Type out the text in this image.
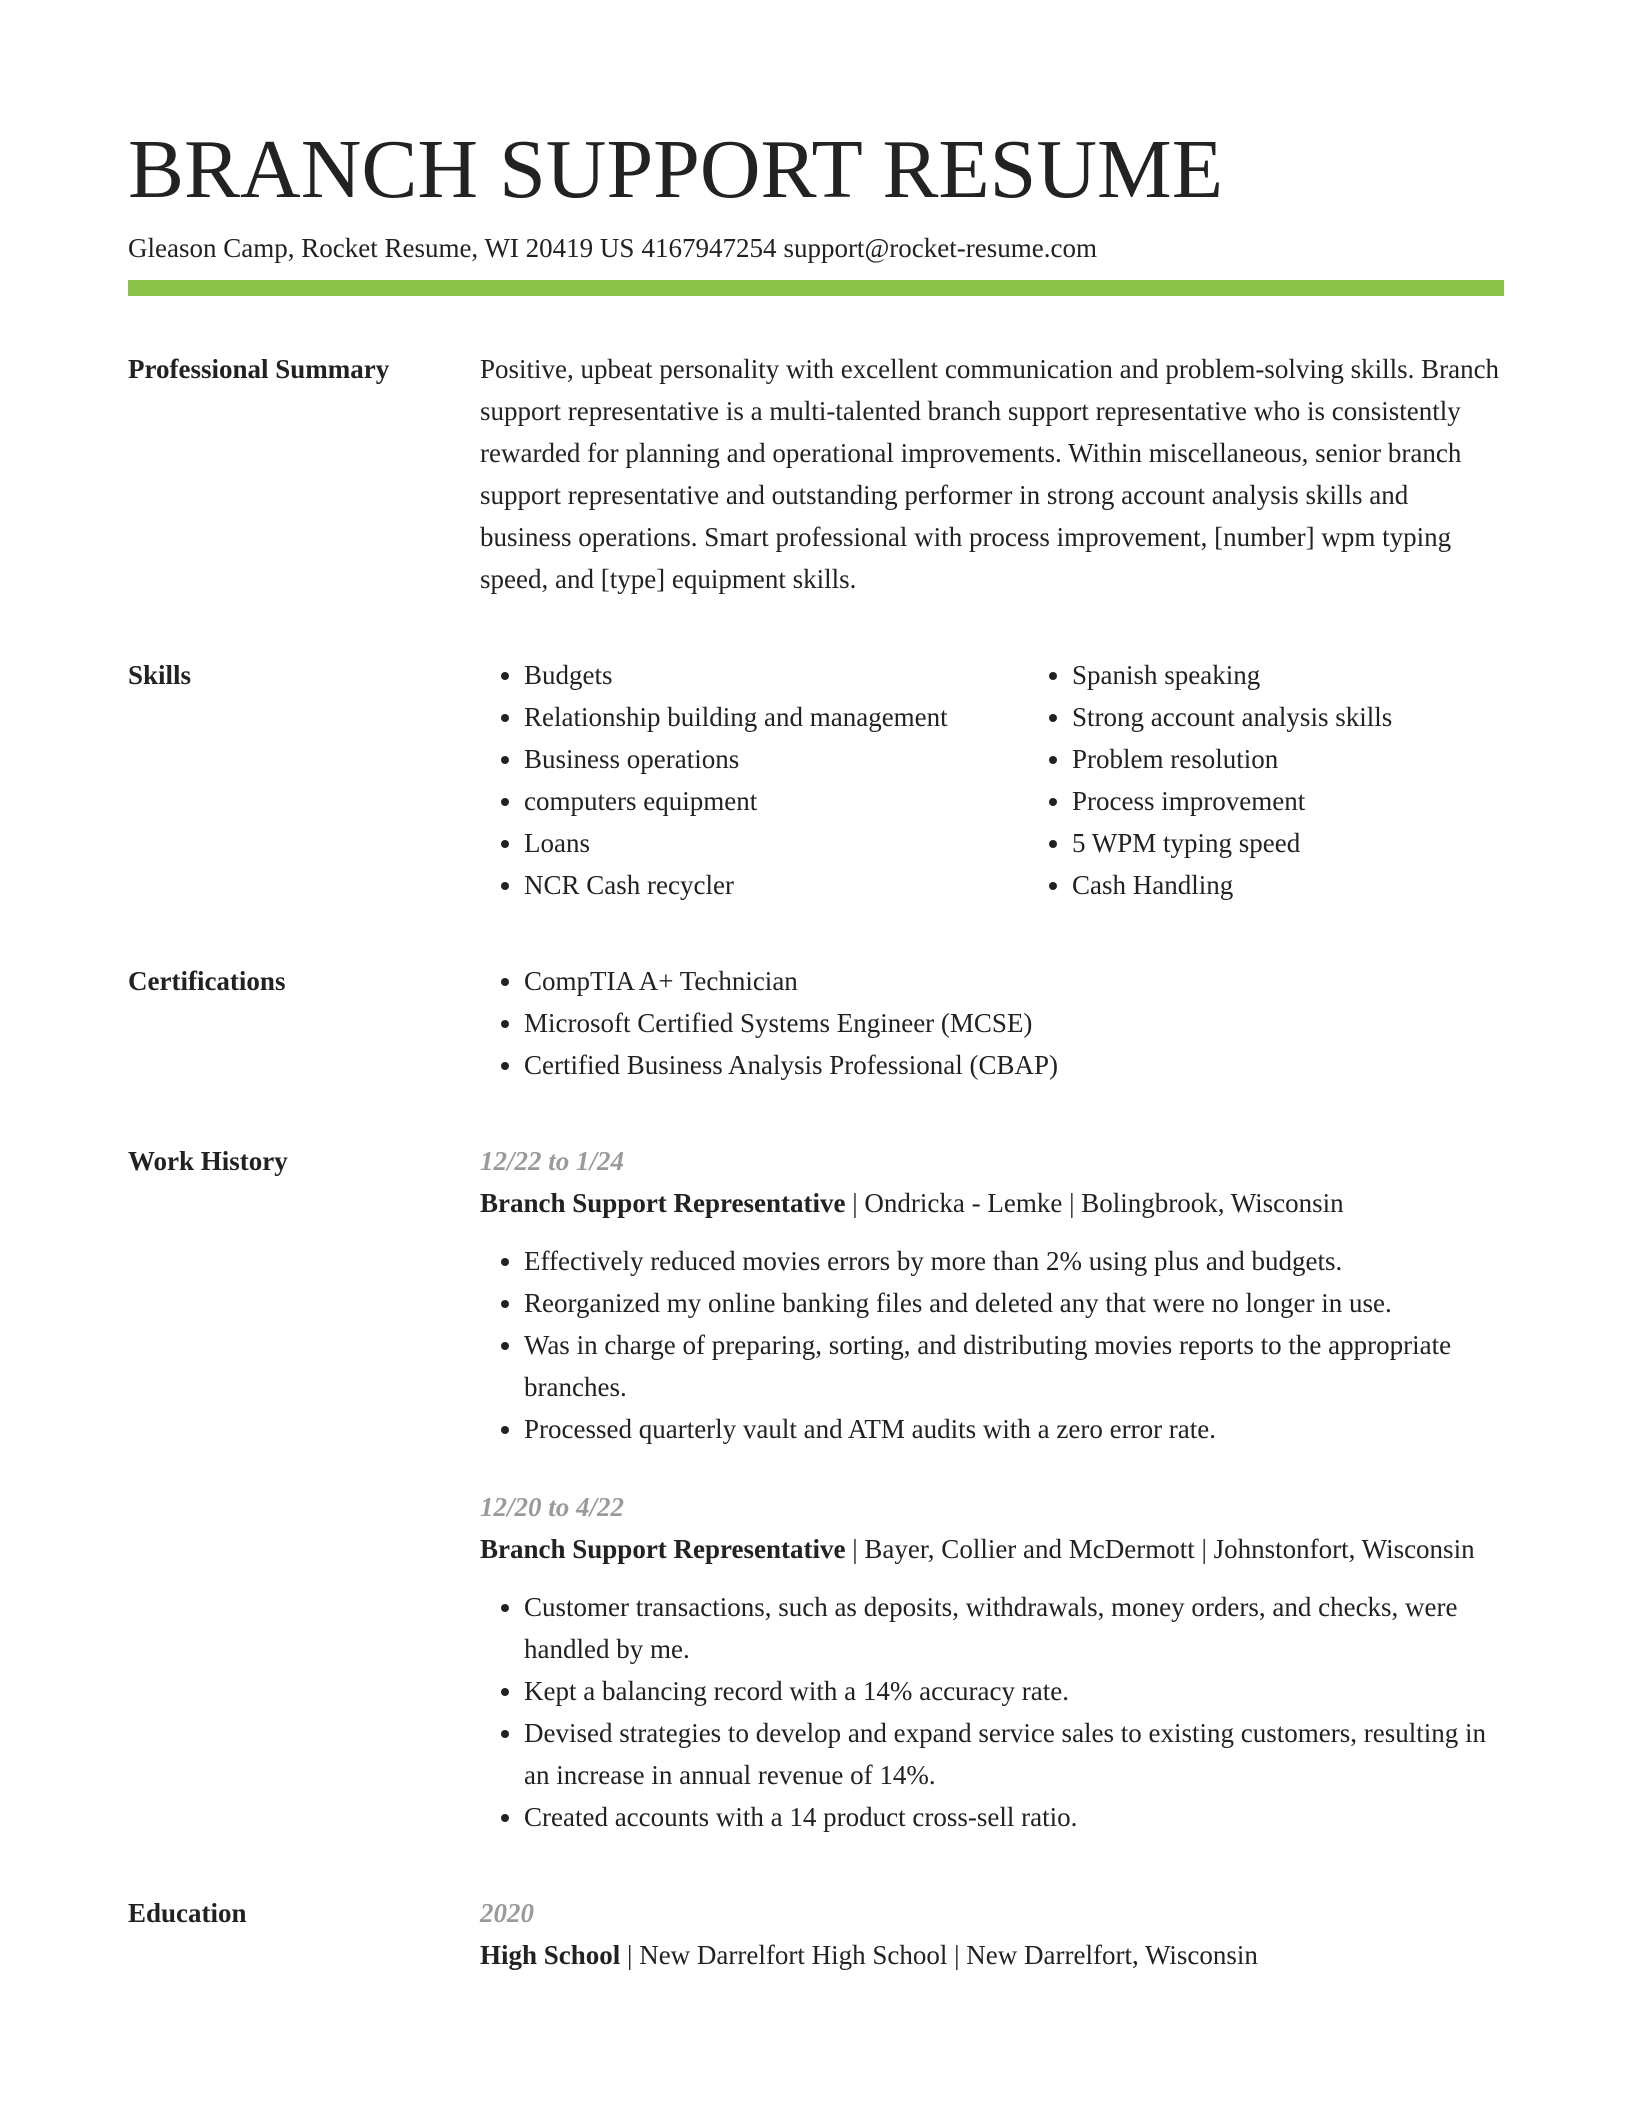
BRANCH SUPPORT RESUME
Gleason Camp, Rocket Resume, WI 20419 US 4167947254 support@rocket-resume.com
Professional Summary	Positive, upbeat personality with excellent communication and problem-solving skills. Branch support representative is a multi-talented branch support representative who is consistently rewarded for planning and operational improvements. Within miscellaneous, senior branch support representative and outstanding performer in strong account analysis skills and business operations. Smart professional with process improvement, [number] wpm typing speed, and [type] equipment skills.

Skills	• Budgets
• Relationship building and management
• Business operations
• computers equipment
• Loans
• NCR Cash recycler
• Spanish speaking
• Strong account analysis skills
• Problem resolution
• Process improvement
• 5 WPM typing speed
• Cash Handling
Certifications	• CompTIA A+ Technician
• Microsoft Certified Systems Engineer (MCSE)
• Certified Business Analysis Professional (CBAP)
Work History	12/22 to 1/24
Branch Support Representative | Ondricka - Lemke | Bolingbrook, Wisconsin
• Effectively reduced movies errors by more than 2% using plus and budgets.
• Reorganized my online banking files and deleted any that were no longer in use.
• Was in charge of preparing, sorting, and distributing movies reports to the appropriate branches.
• Processed quarterly vault and ATM audits with a zero error rate.
12/20 to 4/22
Branch Support Representative | Bayer, Collier and McDermott | Johnstonfort, Wisconsin
• Customer transactions, such as deposits, withdrawals, money orders, and checks, were handled by me.
• Kept a balancing record with a 14% accuracy rate.
• Devised strategies to develop and expand service sales to existing customers, resulting in an increase in annual revenue of 14%.
• Created accounts with a 14 product cross-sell ratio.
Education	2020
High School | New Darrelfort High School | New Darrelfort, Wisconsin
